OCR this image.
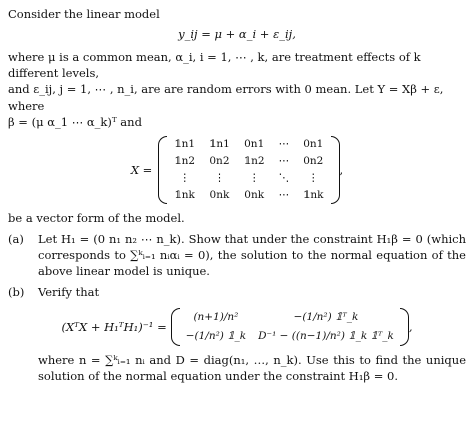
Consider the linear model

y_ij = μ + α_i + ε_ij,

where μ is a common mean, α_i, i = 1, ⋯ , k, are treatment effects of k different levels,

and ε_ij, j = 1, ⋯ , n_i, are are random errors with 0 mean. Let Y = Xβ + ε, where

β = (μ α_1 ⋯ α_k)ᵀ and

X =
𝟙n1	𝟙n1	0n1	⋯	0n1
𝟙n2	0n2	𝟙n2	⋯	0n2
⋮	⋮	⋮	⋱	⋮
𝟙nk	0nk	0nk	⋯	𝟙nk
,

be a vector form of the model.

(a)	Let H₁ = (0 n₁ n₂ ⋯ n_k). Show that under the constraint H₁β = 0 (which corresponds to ∑ᵏᵢ₌₁ nᵢαᵢ = 0), the solution to the normal equation of the above linear model is unique.
(b)	Verify that
(XᵀX + H₁ᵀH₁)⁻¹ =
(n+1)/n²	−(1/n²) 𝟙ᵀ_k
−(1/n²) 𝟙_k	D⁻¹ − ((n−1)/n²) 𝟙_k 𝟙ᵀ_k
,
where n = ∑ᵏᵢ₌₁ nᵢ and D = diag(n₁, …, n_k). Use this to find the unique solution of the normal equation under the constraint H₁β = 0.
